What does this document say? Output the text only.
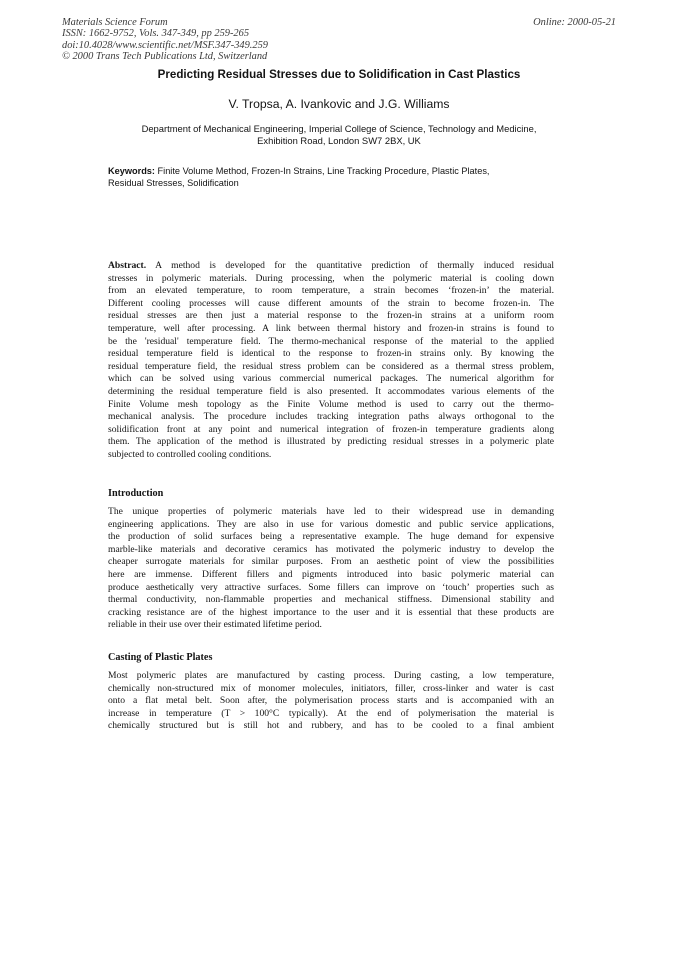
Materials Science Forum
ISSN: 1662-9752, Vols. 347-349, pp 259-265
doi:10.4028/www.scientific.net/MSF.347-349.259
© 2000 Trans Tech Publications Ltd, Switzerland
Online: 2000-05-21
Predicting Residual Stresses due to Solidification in Cast Plastics
V. Tropsa, A. Ivankovic and J.G. Williams
Department of Mechanical Engineering, Imperial College of Science, Technology and Medicine,
Exhibition Road, London SW7 2BX, UK
Keywords: Finite Volume Method, Frozen-In Strains, Line Tracking Procedure, Plastic Plates,
Residual Stresses, Solidification
Abstract. A method is developed for the quantitative prediction of thermally induced residual
stresses in polymeric materials. During processing, when the polymeric material is cooling down
from an elevated temperature, to room temperature, a strain becomes ‘frozen-in’ the material.
Different cooling processes will cause different amounts of the strain to become frozen-in. The
residual stresses are then just a material response to the frozen-in strains at a uniform room
temperature, well after processing. A link between thermal history and frozen-in strains is found to
be the 'residual' temperature field. The thermo-mechanical response of the material to the applied
residual temperature field is identical to the response to frozen-in strains only. By knowing the
residual temperature field, the residual stress problem can be considered as a thermal stress problem,
which can be solved using various commercial numerical packages. The numerical algorithm for
determining the residual temperature field is also presented. It accommodates various elements of the
Finite Volume mesh topology as the Finite Volume method is used to carry out the thermo-
mechanical analysis. The procedure includes tracking integration paths always orthogonal to the
solidification front at any point and numerical integration of frozen-in temperature gradients along
them. The application of the method is illustrated by predicting residual stresses in a polymeric plate
subjected to controlled cooling conditions.
Introduction
The unique properties of polymeric materials have led to their widespread use in demanding
engineering applications. They are also in use for various domestic and public service applications,
the production of solid surfaces being a representative example. The huge demand for expensive
marble-like materials and decorative ceramics has motivated the polymeric industry to develop the
cheaper surrogate materials for similar purposes. From an aesthetic point of view the possibilities
here are immense. Different fillers and pigments introduced into basic polymeric material can
produce aesthetically very attractive surfaces. Some fillers can improve on ‘touch’ properties such as
thermal conductivity, non-flammable properties and mechanical stiffness. Dimensional stability and
cracking resistance are of the highest importance to the user and it is essential that these products are
reliable in their use over their estimated lifetime period.
Casting of Plastic Plates
Most polymeric plates are manufactured by casting process. During casting, a low temperature,
chemically non-structured mix of monomer molecules, initiators, filler, cross-linker and water is cast
onto a flat metal belt. Soon after, the polymerisation process starts and is accompanied with an
increase in temperature (T > 100°C typically). At the end of polymerisation the material is
chemically structured but is still hot and rubbery, and has to be cooled to a final ambient
